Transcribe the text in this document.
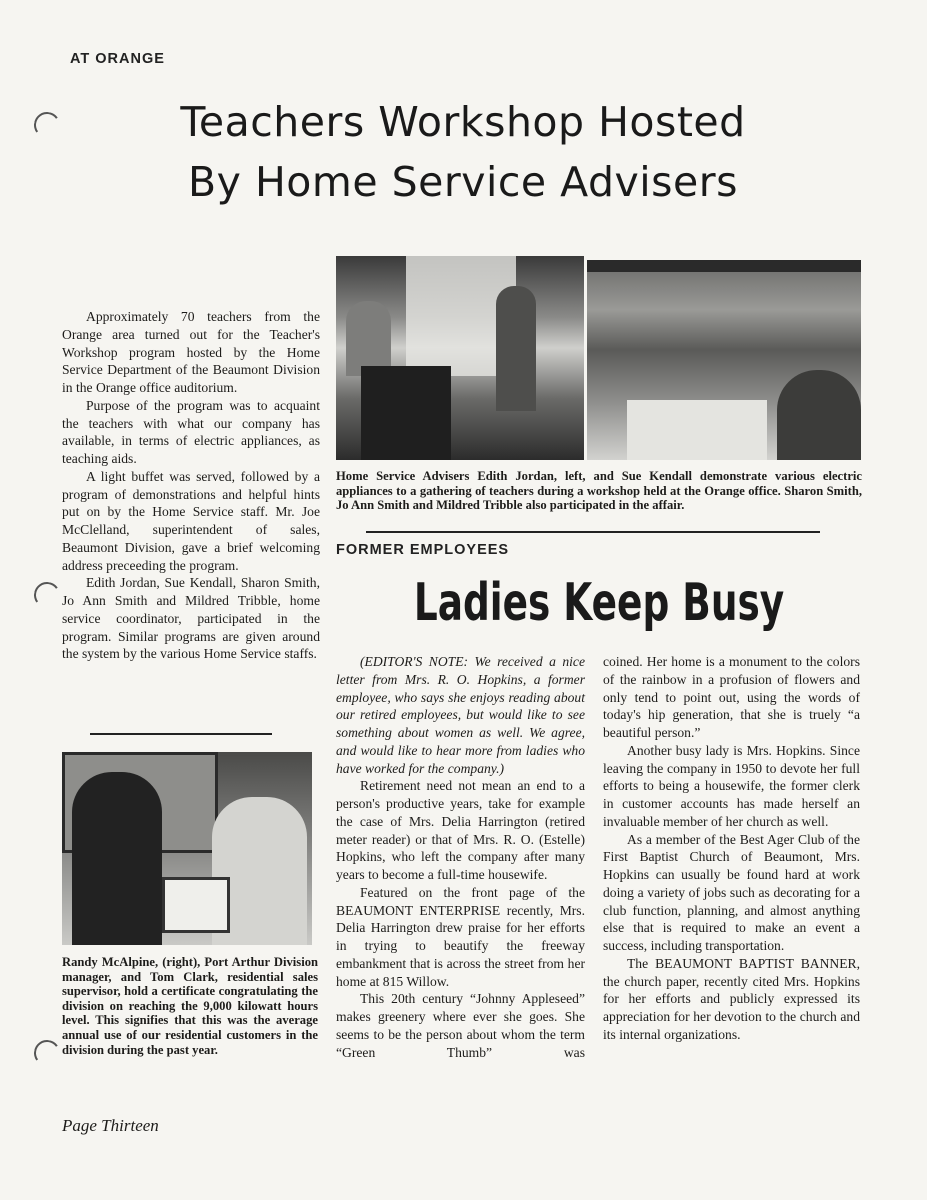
AT ORANGE
Teachers Workshop Hosted
By Home Service Advisers

Approximately 70 teachers from the Orange area turned out for the Teacher's Workshop program hosted by the Home Service Department of the Beaumont Division in the Orange office auditorium.

Purpose of the program was to acquaint the teachers with what our company has available, in terms of electric appliances, as teaching aids.

A light buffet was served, followed by a program of demonstrations and helpful hints put on by the Home Service staff. Mr. Joe McClelland, superintendent of sales, Beaumont Division, gave a brief welcoming address preceeding the program.

Edith Jordan, Sue Kendall, Sharon Smith, Jo Ann Smith and Mildred Tribble, home service coordinator, participated in the program. Similar programs are given around the system by the various Home Service staffs.

Home Service Advisers Edith Jordan, left, and Sue Kendall demonstrate various electric appliances to a gathering of teachers during a workshop held at the Orange office. Sharon Smith, Jo Ann Smith and Mildred Tribble also participated in the affair.
FORMER EMPLOYEES
Ladies Keep Busy

(EDITOR'S NOTE: We received a nice letter from Mrs. R. O. Hopkins, a former employee, who says she enjoys reading about our retired employees, but would like to see something about women as well. We agree, and would like to hear more from ladies who have worked for the company.)

Retirement need not mean an end to a person's productive years, take for example the case of Mrs. Delia Harrington (retired meter reader) or that of Mrs. R. O. (Estelle) Hopkins, who left the company after many years to become a full-time housewife.

Featured on the front page of the BEAUMONT ENTERPRISE recently, Mrs. Delia Harrington drew praise for her efforts in trying to beautify the freeway embankment that is across the street from her home at 815 Willow.

This 20th century “Johnny Appleseed” makes greenery where ever she goes. She seems to be the person about whom the term “Green Thumb” was

coined. Her home is a monument to the colors of the rainbow in a profusion of flowers and only tend to point out, using the words of today's hip generation, that she is truely “a beautiful person.”

Another busy lady is Mrs. Hopkins. Since leaving the company in 1950 to devote her full efforts to being a housewife, the former clerk in customer accounts has made herself an invaluable member of her church as well.

As a member of the Best Ager Club of the First Baptist Church of Beaumont, Mrs. Hopkins can usually be found hard at work doing a variety of jobs such as decorating for a club function, planning, and almost anything else that is required to make an event a success, including transportation.

The BEAUMONT BAPTIST BANNER, the church paper, recently cited Mrs. Hopkins for her efforts and publicly expressed its appreciation for her devotion to the church and its internal organizations.

Randy McAlpine, (right), Port Arthur Division manager, and Tom Clark, residential sales supervisor, hold a certificate congratulating the division on reaching the 9,000 kilowatt hours level. This signifies that this was the average annual use of our residential customers in the division during the past year.
Page Thirteen
